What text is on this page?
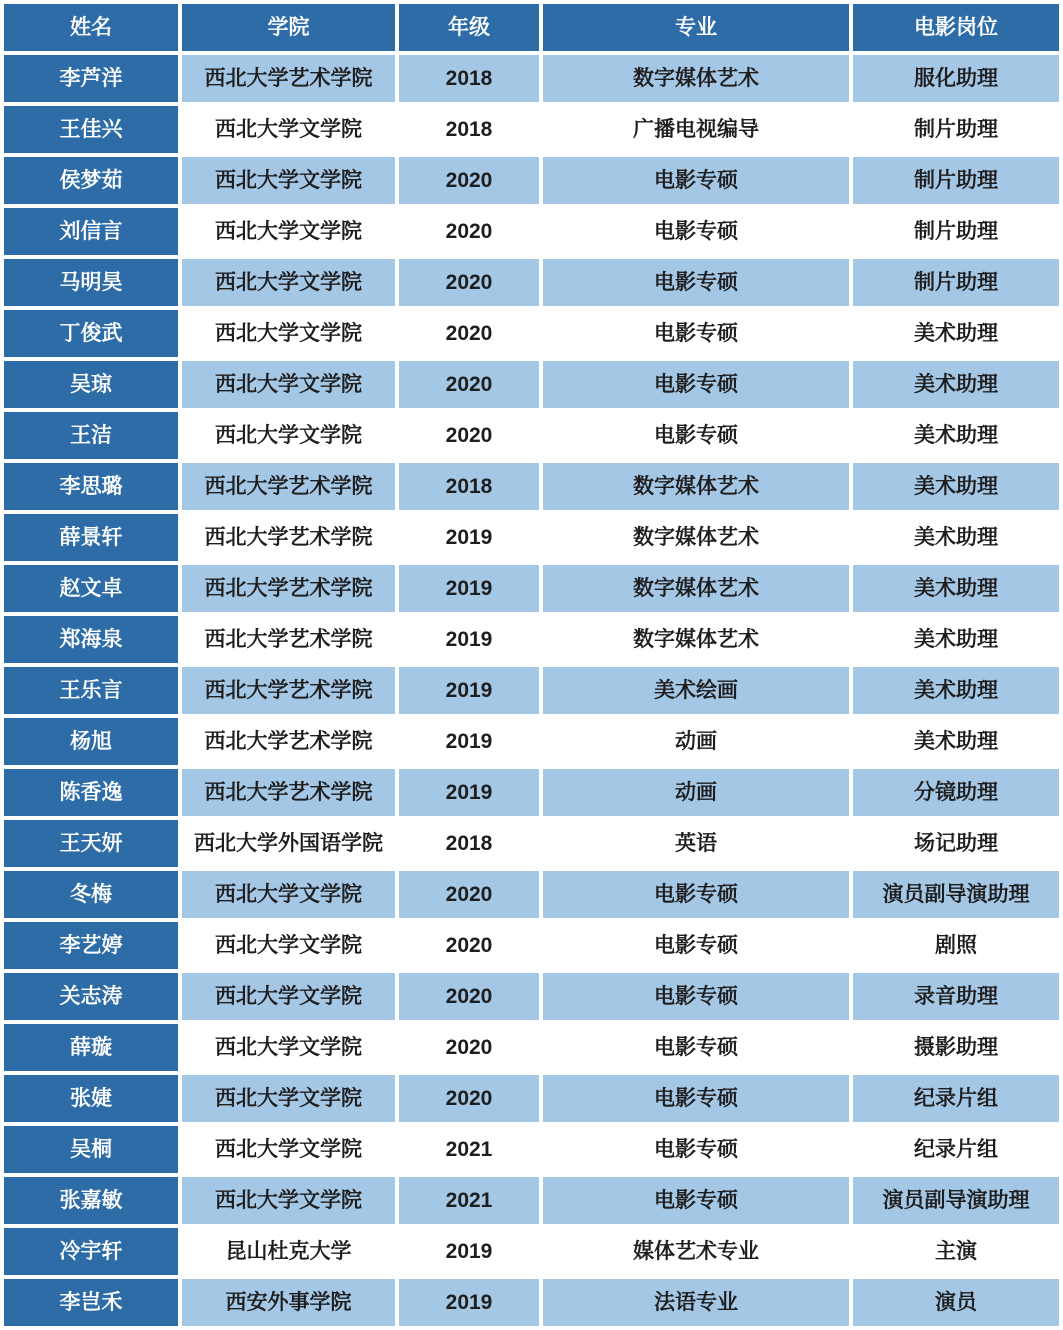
姓名	学院	年级	专业	电影岗位
李芦洋	西北大学艺术学院	2018	数字媒体艺术	服化助理
王佳兴	西北大学文学院	2018	广播电视编导	制片助理
侯梦茹	西北大学文学院	2020	电影专硕	制片助理
刘信言	西北大学文学院	2020	电影专硕	制片助理
马明昊	西北大学文学院	2020	电影专硕	制片助理
丁俊武	西北大学文学院	2020	电影专硕	美术助理
吴琼	西北大学文学院	2020	电影专硕	美术助理
王洁	西北大学文学院	2020	电影专硕	美术助理
李思璐	西北大学艺术学院	2018	数字媒体艺术	美术助理
薛景轩	西北大学艺术学院	2019	数字媒体艺术	美术助理
赵文卓	西北大学艺术学院	2019	数字媒体艺术	美术助理
郑海泉	西北大学艺术学院	2019	数字媒体艺术	美术助理
王乐言	西北大学艺术学院	2019	美术绘画	美术助理
杨旭	西北大学艺术学院	2019	动画	美术助理
陈香逸	西北大学艺术学院	2019	动画	分镜助理
王天妍	西北大学外国语学院	2018	英语	场记助理
冬梅	西北大学文学院	2020	电影专硕	演员副导演助理
李艺婷	西北大学文学院	2020	电影专硕	剧照
关志涛	西北大学文学院	2020	电影专硕	录音助理
薛璇	西北大学文学院	2020	电影专硕	摄影助理
张婕	西北大学文学院	2020	电影专硕	纪录片组
吴桐	西北大学文学院	2021	电影专硕	纪录片组
张嘉敏	西北大学文学院	2021	电影专硕	演员副导演助理
冷宇轩	昆山杜克大学	2019	媒体艺术专业	主演
李岂禾	西安外事学院	2019	法语专业	演员
